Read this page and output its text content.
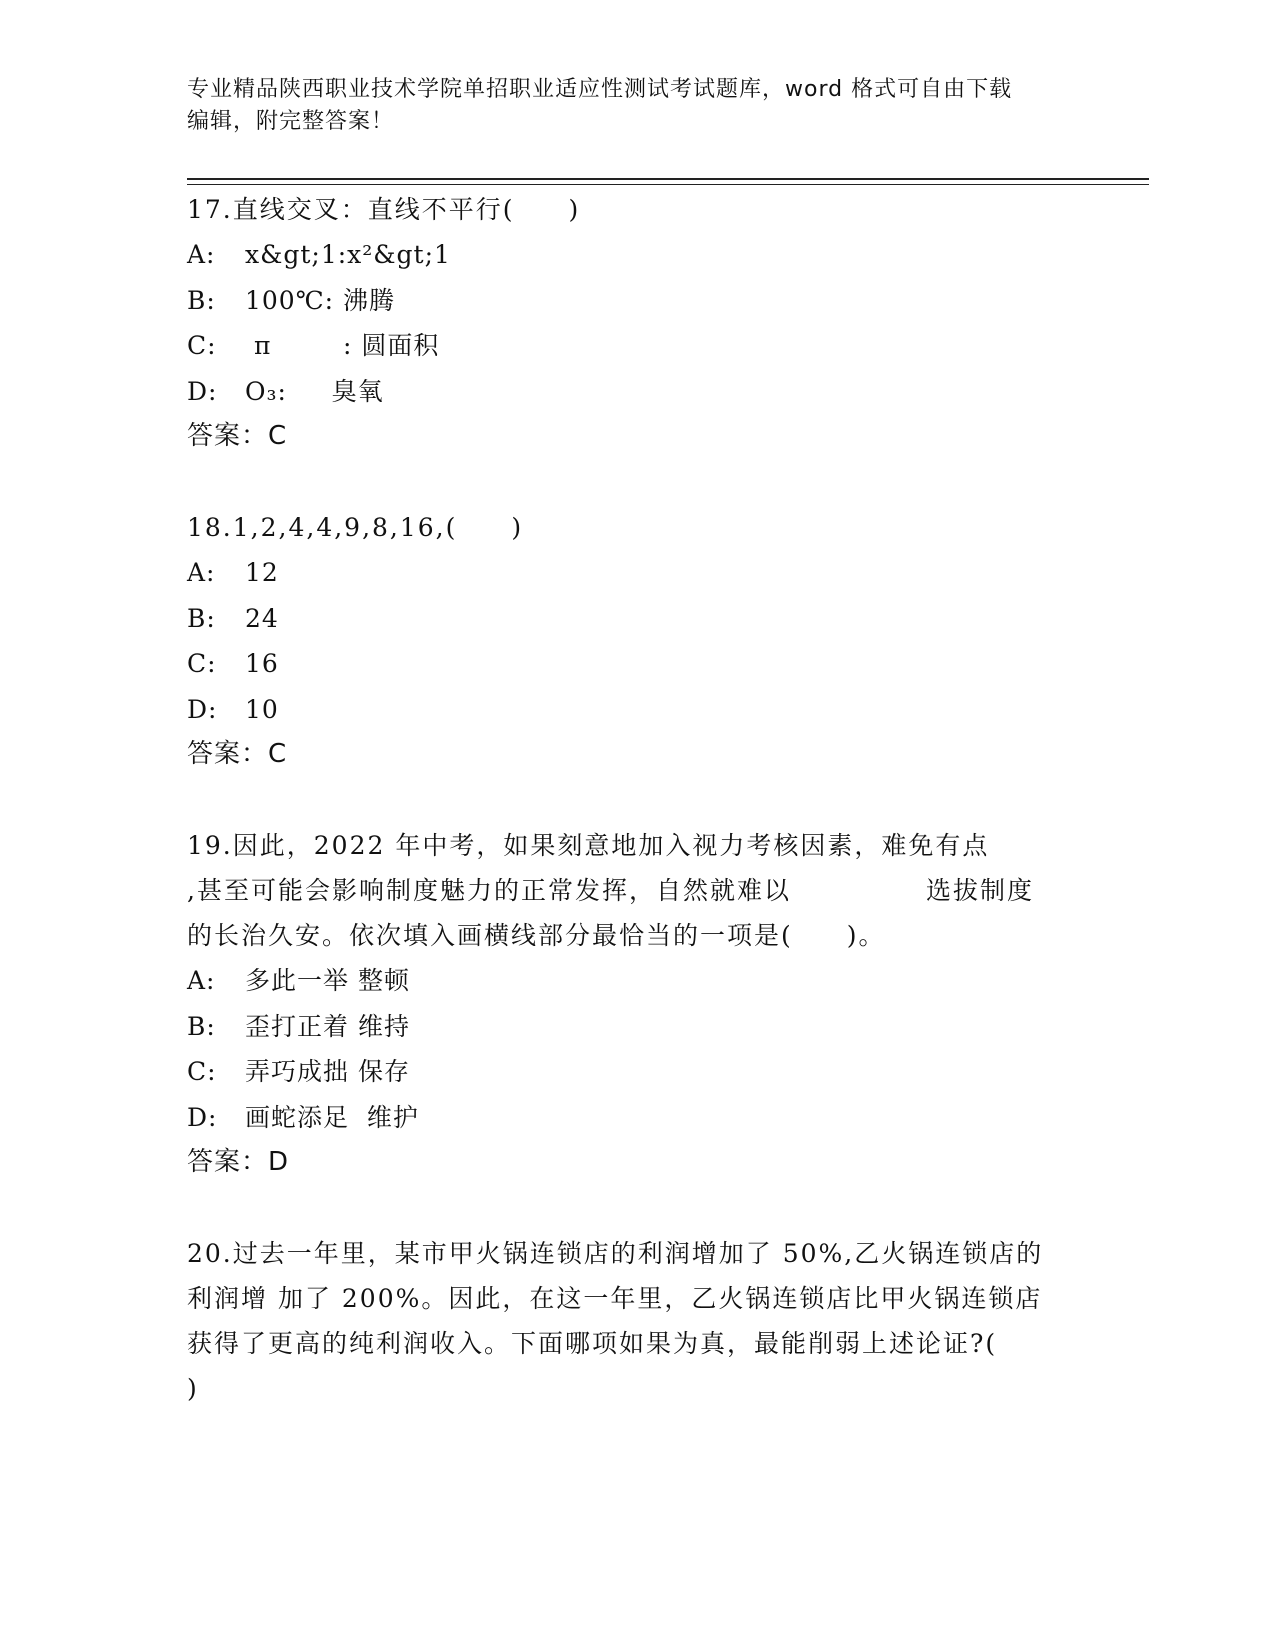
专业精品陕西职业技术学院单招职业适应性测试考试题库，word 格式可自由下载
编辑，附完整答案！
17.直线交叉：直线不平行(　　)
A: x&gt;1:x²&gt;1
B: 100℃: 沸腾
C: π        : 圆面积
D: O₃:     臭氧
答案：C
18.1,2,4,4,9,8,16,(　　)
A: 12
B: 24
C: 16
D: 10
答案：C
19.因此，2022 年中考，如果刻意地加入视力考核因素，难免有点
,甚至可能会影响制度魅力的正常发挥，自然就难以　　　　　选拔制度
的长治久安。依次填入画横线部分最恰当的一项是(　　)。
A: 多此一举 整顿
B: 歪打正着 维持
C: 弄巧成拙 保存
D: 画蛇添足  维护
答案：D
20.过去一年里，某市甲火锅连锁店的利润增加了 50%,乙火锅连锁店的
利润增 加了 200%。因此，在这一年里，乙火锅连锁店比甲火锅连锁店
获得了更高的纯利润收入。下面哪项如果为真，最能削弱上述论证?(
)
